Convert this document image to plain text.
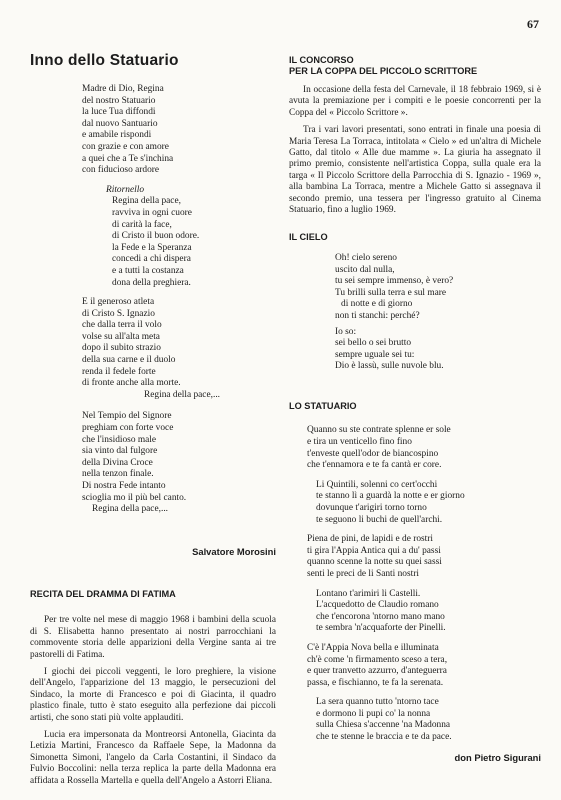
67
Inno dello Statuario
Madre di Dio, Regina
del nostro Statuario
la luce Tua diffondi
dal nuovo Santuario
e amabile rispondi
con grazie e con amore
a quei che a Te s'inchina
con fiducioso ardore
Ritornello
Regina della pace,
ravviva in ogni cuore
di carità la face,
di Cristo il buon odore.
la Fede e la Speranza
concedi a chi dispera
e a tutti la costanza
dona della preghiera.
E il generoso atleta
di Cristo S. Ignazio
che dalla terra il volo
volse su all'alta meta
dopo il subito strazio
della sua carne e il duolo
renda il fedele forte
di fronte anche alla morte.
Regina della pace,...
Nel Tempio del Signore
preghiam con forte voce
che l'insidioso male
sia vinto dal fulgore
della Divina Croce
nella tenzon finale.
Di nostra Fede intanto
scioglia mo il più bel canto.
Regina della pace,...
Salvatore Morosini
RECITA DEL DRAMMA DI FATIMA

Per tre volte nel mese di maggio 1968 i bambini della scuola di S. Elisabetta hanno presentato ai nostri parrocchiani la commovente storia delle apparizioni della Vergine santa ai tre pastorelli di Fatima.

I giochi dei piccoli veggenti, le loro preghiere, la visione dell'Angelo, l'apparizione del 13 maggio, le persecuzioni del Sindaco, la morte di Francesco e poi di Giacinta, il quadro plastico finale, tutto è stato eseguito alla perfezione dai piccoli artisti, che sono stati più volte applauditi.

Lucia era impersonata da Montreorsi Antonella, Giacinta da Letizia Martini, Francesco da Raffaele Sepe, la Madonna da Simonetta Simoni, l'angelo da Carla Costantini, il Sindaco da Fulvio Boccolini: nella terza replica la parte della Madonna era affidata a Rossella Martella e quella dell'Angelo a Astorri Eliana.

IL CONCORSO
PER LA COPPA DEL PICCOLO SCRITTORE

In occasione della festa del Carnevale, il 18 febbraio 1969, si è avuta la premiazione per i compiti e le poesie concorrenti per la Coppa del « Piccolo Scrittore ».

Tra i vari lavori presentati, sono entrati in finale una poesia di Maria Teresa La Torraca, intitolata « Cielo » ed un'altra di Michele Gatto, dal titolo « Alle due mamme ». La giuria ha assegnato il primo premio, consistente nell'artistica Coppa, sulla quale era la targa « Il Piccolo Scrittore della Parrocchia di S. Ignazio - 1969 », alla bambina La Torraca, mentre a Michele Gatto si assegnava il secondo premio, una tessera per l'ingresso gratuito al Cinema Statuario, fino a luglio 1969.

IL CIELO
Oh! cielo sereno
uscito dal nulla,
tu sei sempre immenso, è vero?
Tu brilli sulla terra e sul mare
di notte e di giorno
non ti stanchi: perché?
Io so:
sei bello o sei brutto
sempre uguale sei tu:
Dio è lassù, sulle nuvole blu.
LO STATUARIO
Quanno su ste contrate splenne er sole
e tira un venticello fino fino
t'enveste quell'odor de biancospino
che t'ennamora e te fa cantà er core.
Li Quintili, solenni co cert'occhi
te stanno lì a guardà la notte e er giorno
dovunque t'arigiri torno torno
te seguono li buchi de quell'archi.
Piena de pini, de lapidi e de rostri
ti gira l'Appia Antica qui a du' passi
quanno scenne la notte su quei sassi
senti le preci de li Santi nostri
Lontano t'arimiri li Castelli.
L'acquedotto de Claudio romano
che t'encorona 'ntorno mano mano
te sembra 'n'acquaforte der Pinelli.
C'è l'Appia Nova bella e illuminata
ch'è come 'n firmamento sceso a tera,
e quer tranvetto azzurro, d'anteguerra
passa, e fischianno, te fa la serenata.
La sera quanno tutto 'ntorno tace
e dormono li pupi co' la nonna
sulla Chiesa s'accenne 'na Madonna
che te stenne le braccia e te da pace.
don Pietro Sigurani
